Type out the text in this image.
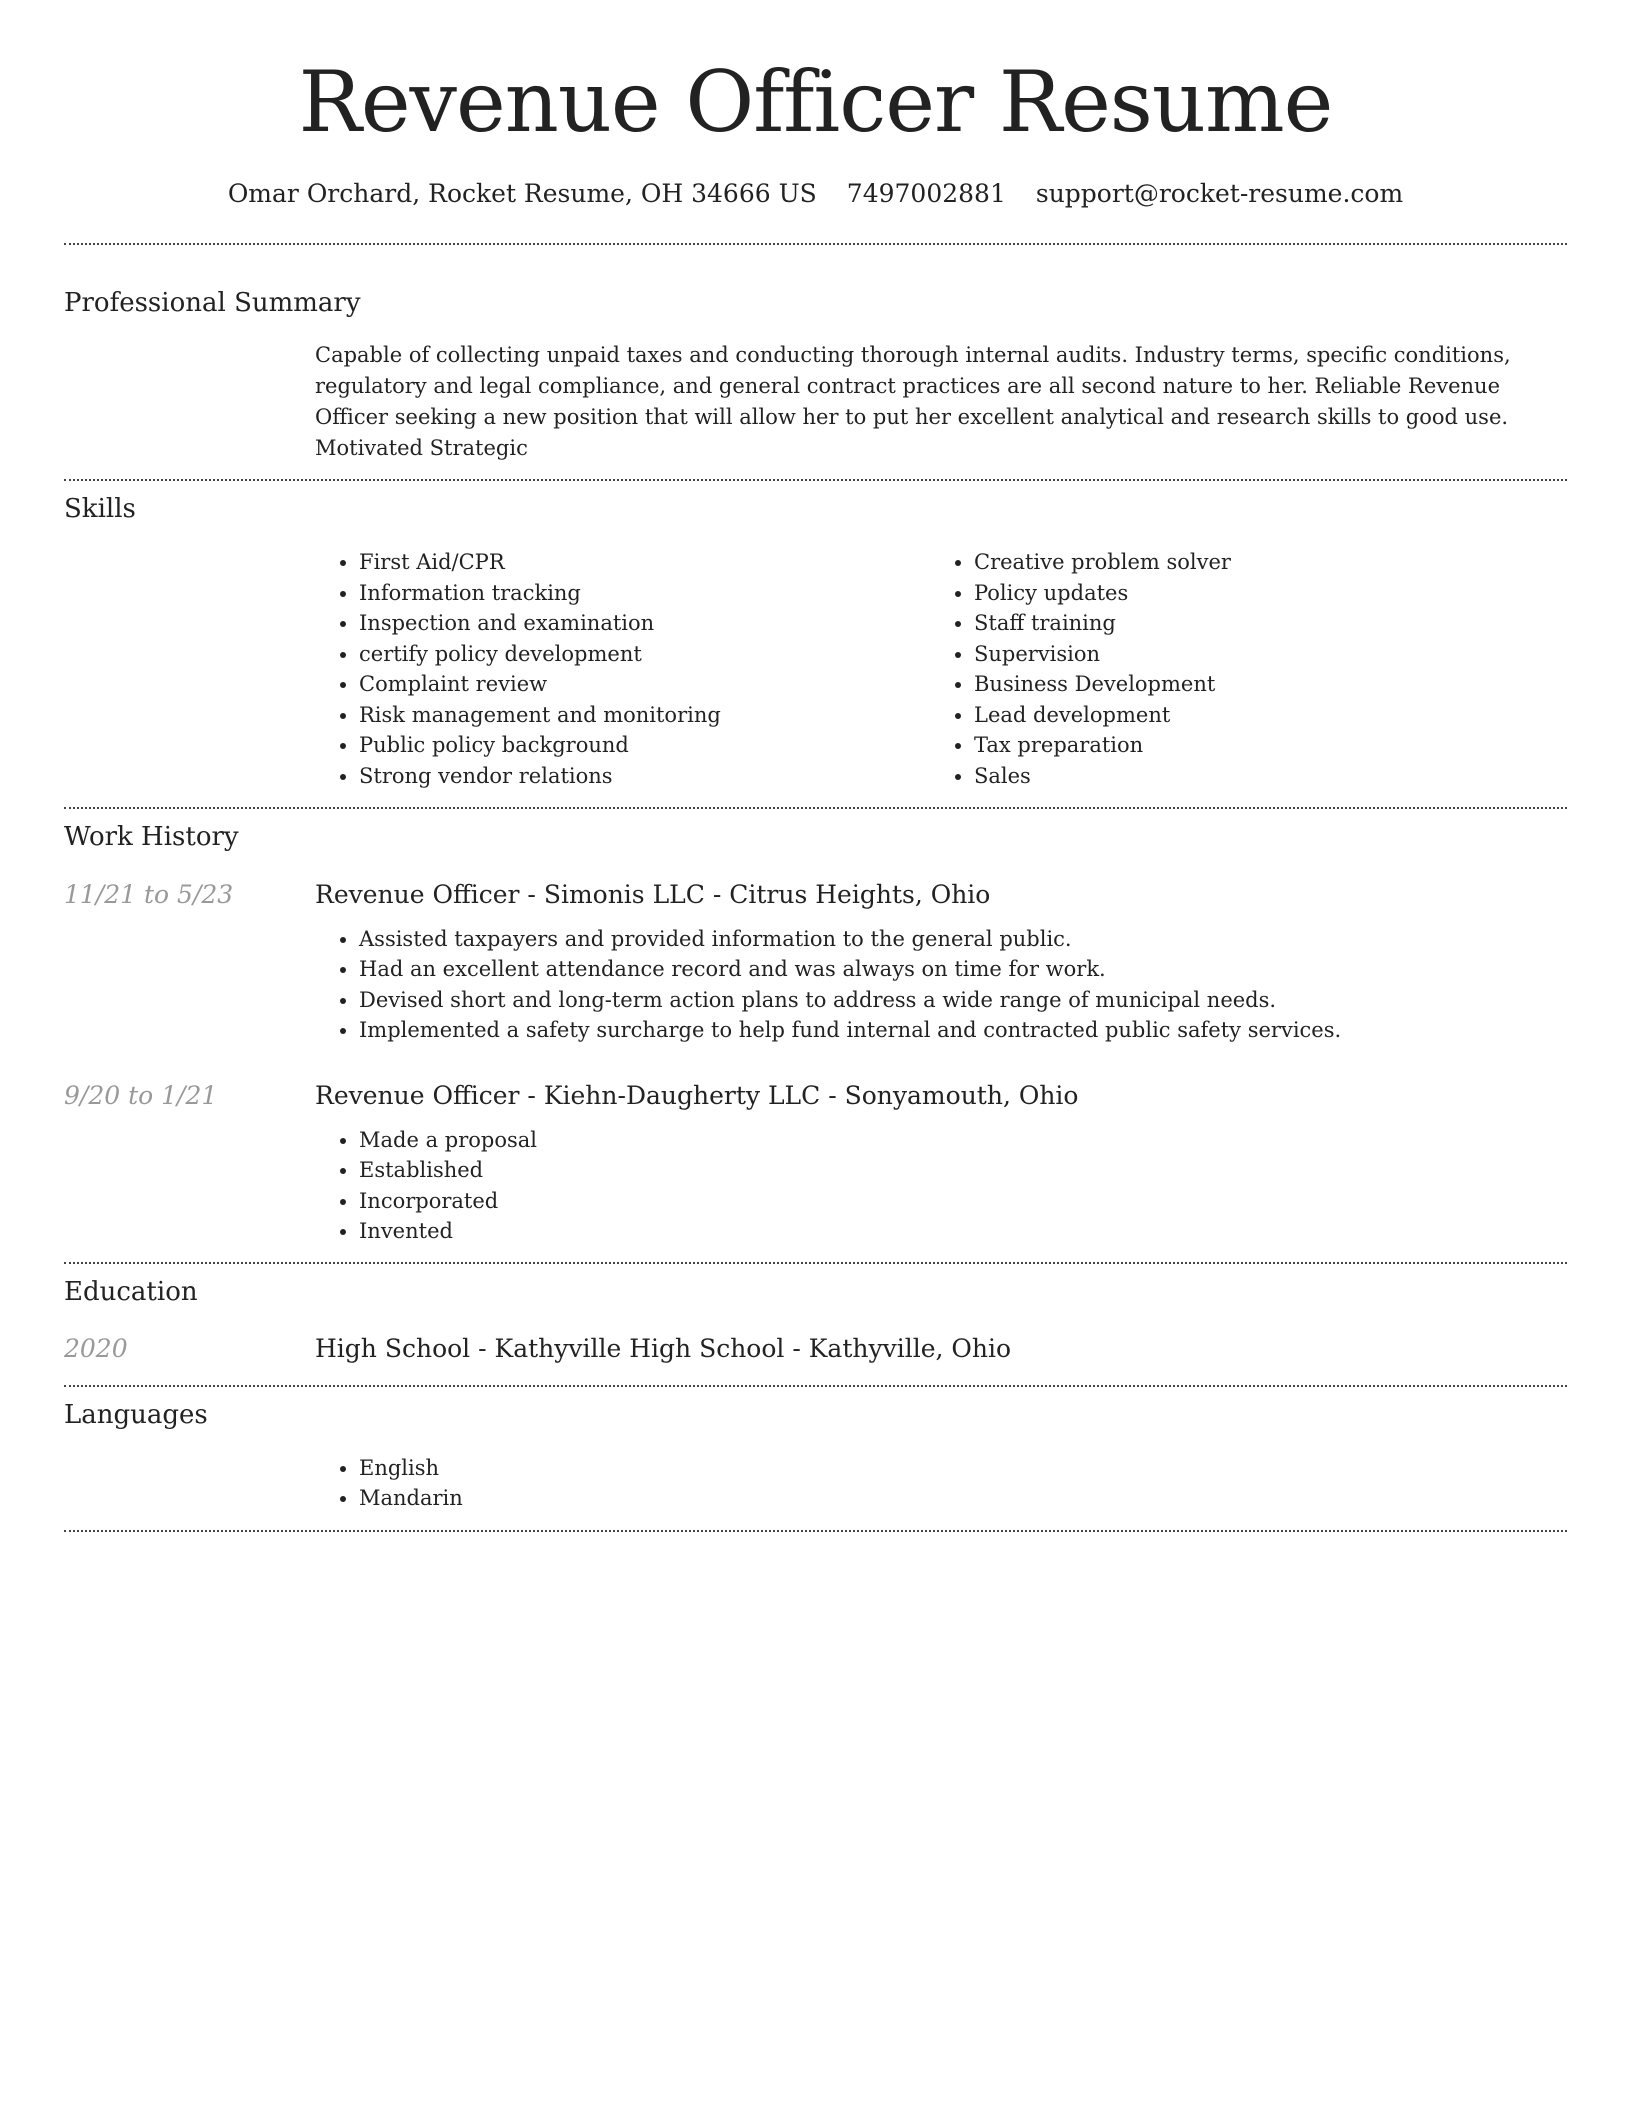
Revenue Officer Resume
Omar Orchard, Rocket Resume, OH 34666 US 7497002881 support@rocket-resume.com
Professional Summary

Capable of collecting unpaid taxes and conducting thorough internal audits. Industry terms, specific conditions, regulatory and legal compliance, and general contract practices are all second nature to her. Reliable Revenue Officer seeking a new position that will allow her to put her excellent analytical and research skills to good use. Motivated Strategic

Skills
• First Aid/CPR
• Information tracking
• Inspection and examination
• certify policy development
• Complaint review
• Risk management and monitoring
• Public policy background
• Strong vendor relations
• Creative problem solver
• Policy updates
• Staff training
• Supervision
• Business Development
• Lead development
• Tax preparation
• Sales
Work History
11/21 to 5/23	Revenue Officer - Simonis LLC - Citrus Heights, Ohio
• Assisted taxpayers and provided information to the general public.
• Had an excellent attendance record and was always on time for work.
• Devised short and long-term action plans to address a wide range of municipal needs.
• Implemented a safety surcharge to help fund internal and contracted public safety services.
9/20 to 1/21	Revenue Officer - Kiehn-Daugherty LLC - Sonyamouth, Ohio
• Made a proposal
• Established
• Incorporated
• Invented
Education
2020	High School - Kathyville High School - Kathyville, Ohio
Languages
• English
• Mandarin
